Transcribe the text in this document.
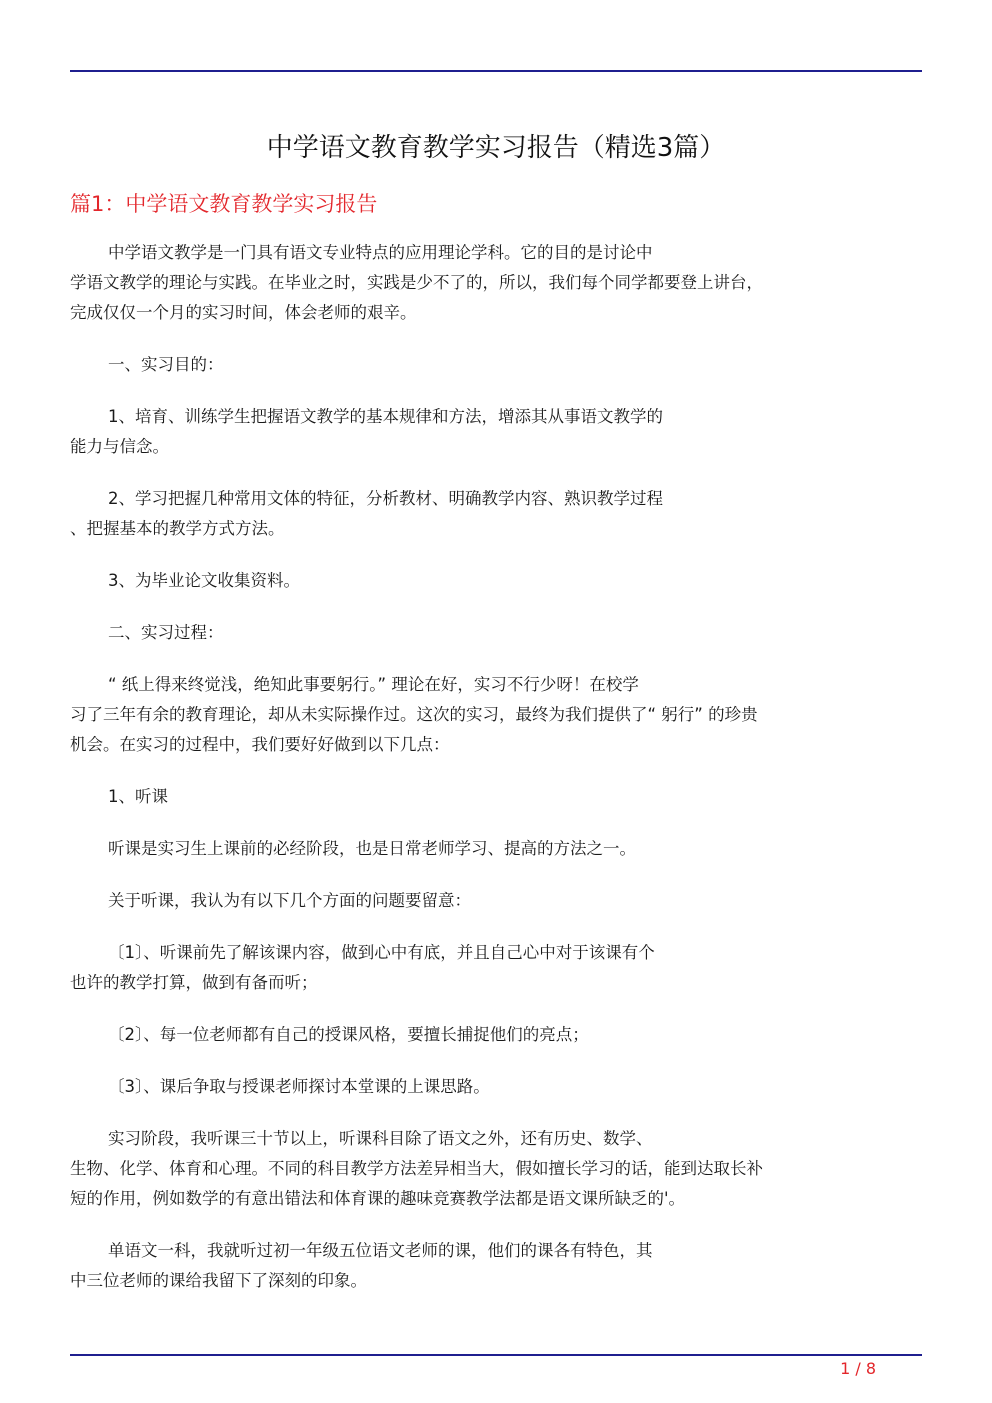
中学语文教育教学实习报告（精选3篇）
篇1：中学语文教育教学实习报告

中学语文教学是一门具有语文专业特点的应用理论学科。它的目的是讨论中
学语文教学的理论与实践。在毕业之时，实践是少不了的，所以，我们每个同学都要登上讲台，
完成仅仅一个月的实习时间，体会老师的艰辛。

一、实习目的：

1、培育、训练学生把握语文教学的基本规律和方法，增添其从事语文教学的
能力与信念。

2、学习把握几种常用文体的特征，分析教材、明确教学内容、熟识教学过程
、把握基本的教学方式方法。

3、为毕业论文收集资料。

二、实习过程：

“ 纸上得来终觉浅，绝知此事要躬行。” 理论在好，实习不行少呀！在校学
习了三年有余的教育理论，却从未实际操作过。这次的实习，最终为我们提供了“ 躬行” 的珍贵
机会。在实习的过程中，我们要好好做到以下几点：

1、听课

听课是实习生上课前的必经阶段，也是日常老师学习、提高的方法之一。

关于听课，我认为有以下几个方面的问题要留意：

〔1〕、听课前先了解该课内容，做到心中有底，并且自己心中对于该课有个
也许的教学打算，做到有备而听；

〔2〕、每一位老师都有自己的授课风格，要擅长捕捉他们的亮点；

〔3〕、课后争取与授课老师探讨本堂课的上课思路。

实习阶段，我听课三十节以上，听课科目除了语文之外，还有历史、数学、
生物、化学、体育和心理。不同的科目教学方法差异相当大，假如擅长学习的话，能到达取长补
短的作用，例如数学的有意出错法和体育课的趣味竞赛教学法都是语文课所缺乏的'。

单语文一科，我就听过初一年级五位语文老师的课，他们的课各有特色，其
中三位老师的课给我留下了深刻的印象。

1 / 8
